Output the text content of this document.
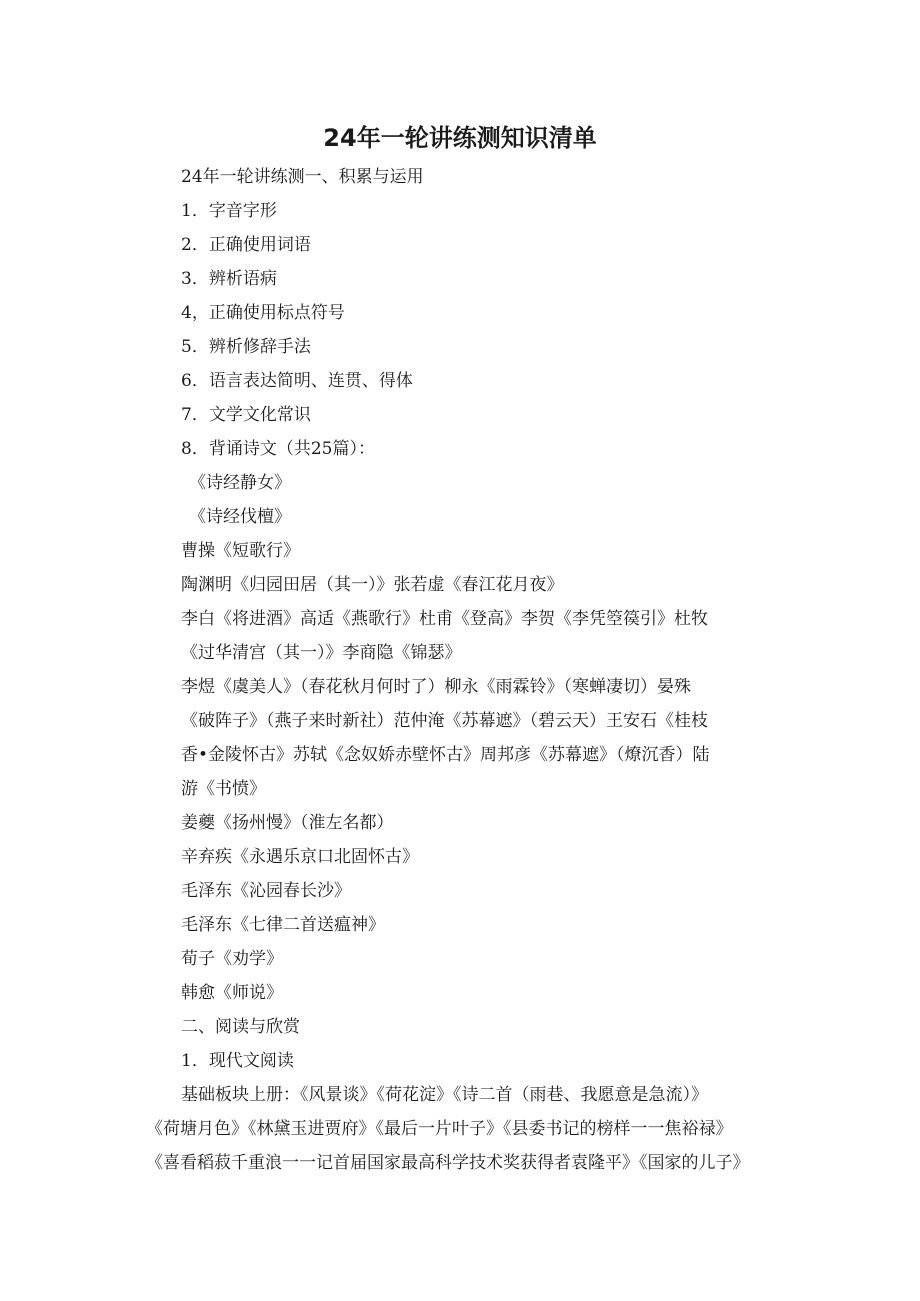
24年一轮讲练测知识清单
24年一轮讲练测一、积累与运用
1．字音字形
2．正确使用词语
3．辨析语病
4，正确使用标点符号
5．辨析修辞手法
6．语言表达简明、连贯、得体
7．文学文化常识
8．背诵诗文（共25篇）：
《诗经静女》
《诗经伐檀》
曹操《短歌行》
陶渊明《归园田居（其一）》张若虚《春江花月夜》
李白《将进酒》高适《燕歌行》杜甫《登高》李贺《李凭箜篌引》杜牧
《过华清宫（其一）》李商隐《锦瑟》
李煜《虞美人》（春花秋月何时了）柳永《雨霖铃》（寒蝉凄切）晏殊
《破阵子》（燕子来时新社）范仲淹《苏幕遮》（碧云天）王安石《桂枝
香•金陵怀古》苏轼《念奴娇赤壁怀古》周邦彦《苏幕遮》（燎沉香）陆
游《书愤》
姜夔《扬州慢》（淮左名都）
辛弃疾《永遇乐京口北固怀古》
毛泽东《沁园春长沙》
毛泽东《七律二首送瘟神》
荀子《劝学》
韩愈《师说》
二、阅读与欣赏
1．现代文阅读
基础板块上册：《风景谈》《荷花淀》《诗二首（雨巷、我愿意是急流）》
《荷塘月色》《林黛玉进贾府》《最后一片叶子》《县委书记的榜样一一焦裕禄》
《喜看稻菽千重浪一一记首届国家最高科学技术奖获得者袁隆平》《国家的儿子》
